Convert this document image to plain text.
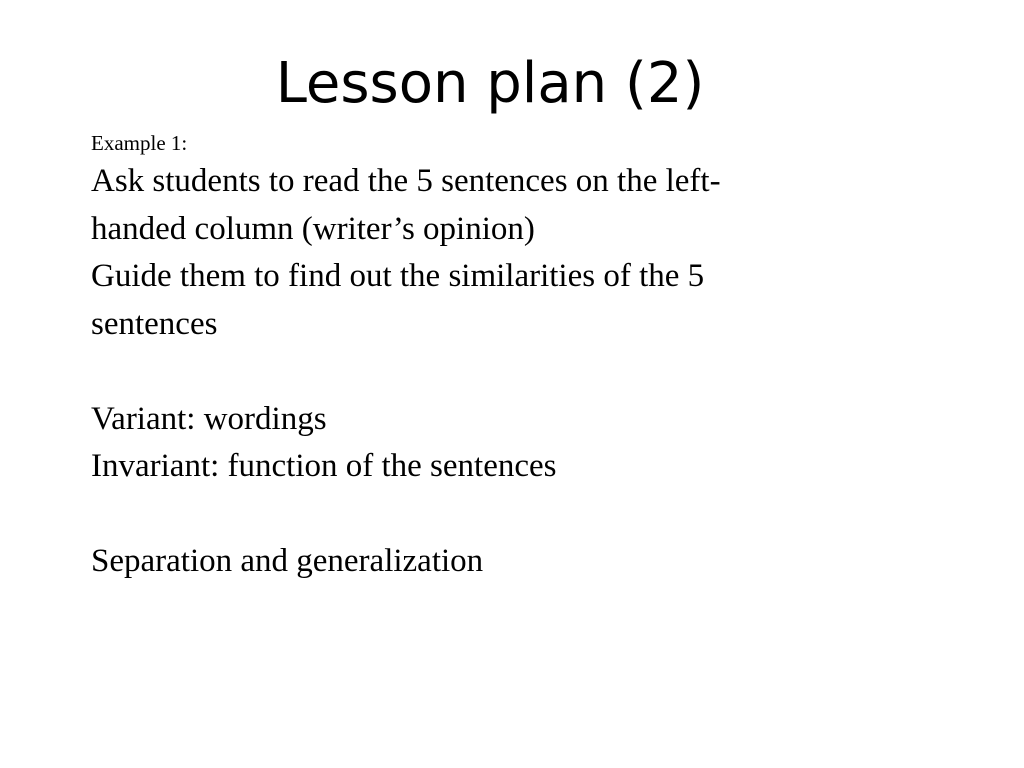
Lesson plan (2)
Example 1:
Ask students to read the 5 sentences on the left-
handed column (writer’s opinion)
Guide them to find out the similarities of the 5
sentences
Variant: wordings
Invariant: function of the sentences
Separation and generalization
